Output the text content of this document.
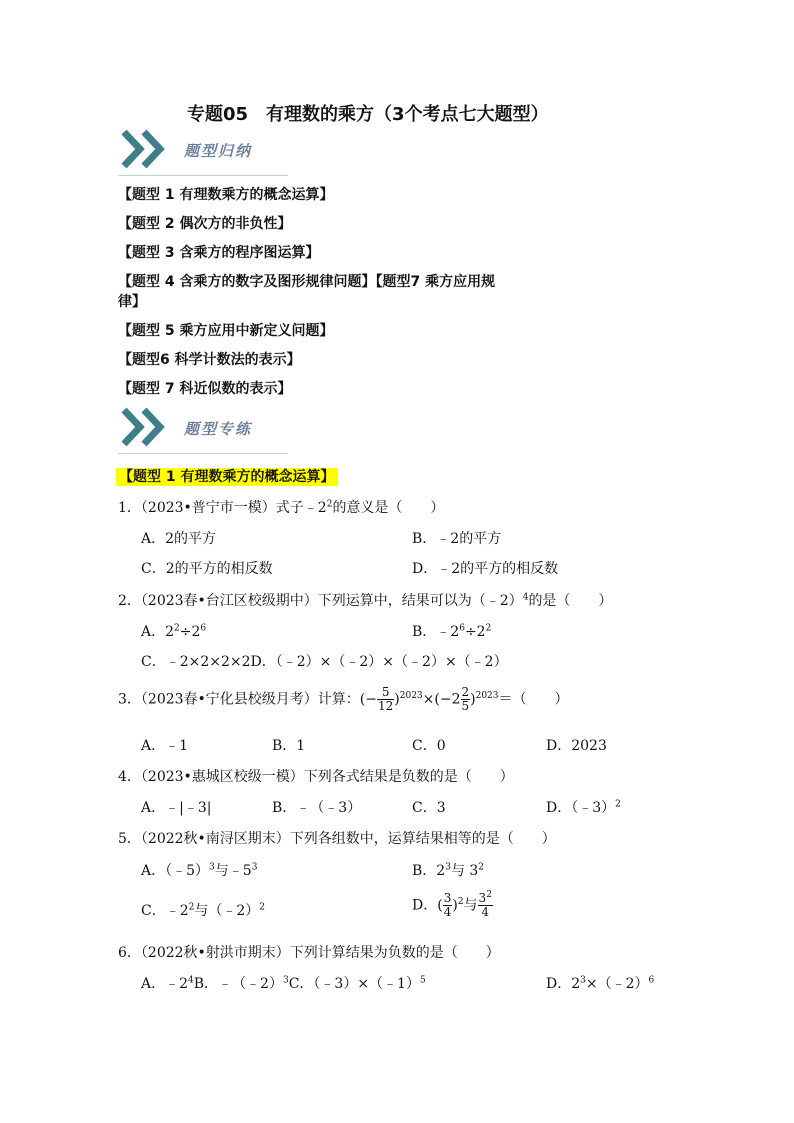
专题05　有理数的乘方（3个考点七大题型）
题型归纳
【题型 1 有理数乘方的概念运算】
【题型 2 偶次方的非负性】
【题型 3 含乘方的程序图运算】
【题型 4 含乘方的数字及图形规律问题】【题型7 乘方应用规
律】
【题型 5 乘方应用中新定义问题】
【题型6 科学计数法的表示】
【题型 7 科近似数的表示】
题型专练
【题型 1 有理数乘方的概念运算】
1．（2023•普宁市一模）式子$﹣2^2$的意义是（　　）
A．2的平方	B．﹣2的平方
C．2的平方的相反数	D．﹣2的平方的相反数
2．（2023春•台江区校级期中）下列运算中，结果可以为（﹣2）$^4$的是（　　）
A．$2^2\div 2^6$	B．$﹣2^6\div 2^2$
C．﹣2×2×2×2D．（﹣2）×（﹣2）×（﹣2）×（﹣2）
3．（2023春•宁化县校级月考）计算：(− $\frac{5}{12} )^{2023}\times(-2 \frac{2}{5} )^{2023}=$（　　）
A．﹣1	B．1	C．0	D．2023
4．（2023•惠城区校级一模）下列各式结果是负数的是（　　）
A．﹣|﹣3|	B．﹣（﹣3）	C．3	D．（﹣3）$^2$
5．（2022秋•南浔区期末）下列各组数中，运算结果相等的是（　　）
A．（﹣5）$^3$与$﹣5^3$	B．$2^3$与 $3^2$
C．$﹣2^2$与（﹣2）$^2$	D．( $\frac{3}{4} )^2$与 $\frac{3^2}{4}$
6．（2022秋•射洪市期末）下列计算结果为负数的是（　　）
A．$﹣2^4B$．﹣（﹣2）$^3$C．（﹣3）×（﹣1）$^5$	D．$2^3\times(﹣2)^6$
